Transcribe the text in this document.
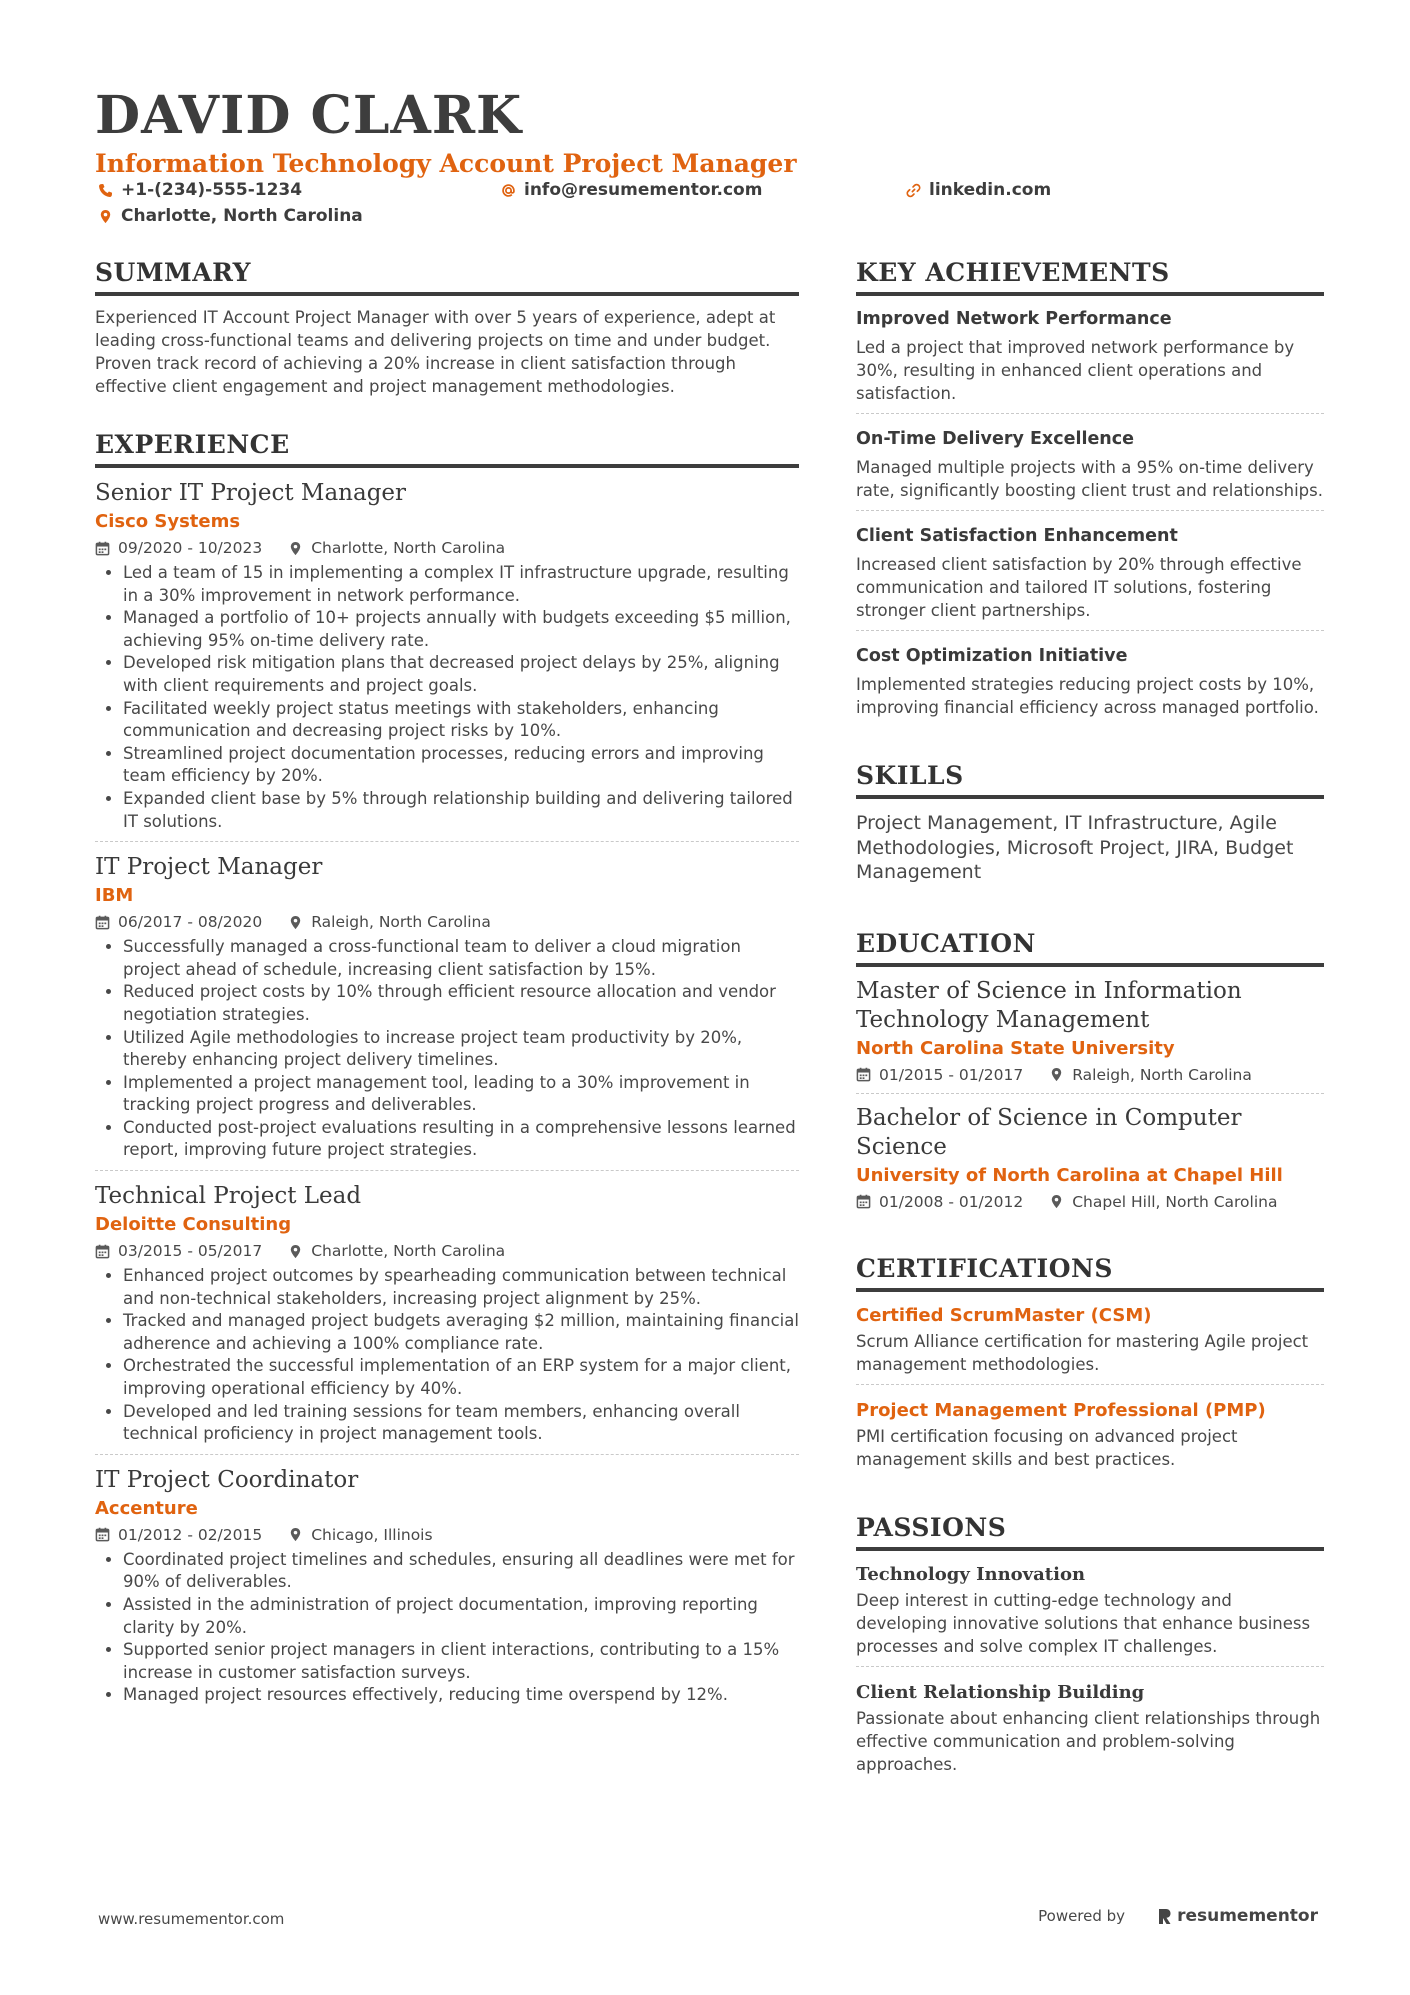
DAVID CLARK
Information Technology Account Project Manager
+1-(234)-555-1234	info@resumementor.com	linkedin.com
Charlotte, North Carolina
SUMMARY

Experienced IT Account Project Manager with over 5 years of experience, adept at leading cross-functional teams and delivering projects on time and under budget. Proven track record of achieving a 20% increase in client satisfaction through effective client engagement and project management methodologies.

EXPERIENCE
Senior IT Project Manager
Cisco Systems
09/2020 - 10/2023	Charlotte, North Carolina
• Led a team of 15 in implementing a complex IT infrastructure upgrade, resulting in a 30% improvement in network performance.
• Managed a portfolio of 10+ projects annually with budgets exceeding $5 million, achieving 95% on-time delivery rate.
• Developed risk mitigation plans that decreased project delays by 25%, aligning with client requirements and project goals.
• Facilitated weekly project status meetings with stakeholders, enhancing communication and decreasing project risks by 10%.
• Streamlined project documentation processes, reducing errors and improving team efficiency by 20%.
• Expanded client base by 5% through relationship building and delivering tailored IT solutions.
IT Project Manager
IBM
06/2017 - 08/2020	Raleigh, North Carolina
• Successfully managed a cross-functional team to deliver a cloud migration project ahead of schedule, increasing client satisfaction by 15%.
• Reduced project costs by 10% through efficient resource allocation and vendor negotiation strategies.
• Utilized Agile methodologies to increase project team productivity by 20%, thereby enhancing project delivery timelines.
• Implemented a project management tool, leading to a 30% improvement in tracking project progress and deliverables.
• Conducted post-project evaluations resulting in a comprehensive lessons learned report, improving future project strategies.
Technical Project Lead
Deloitte Consulting
03/2015 - 05/2017	Charlotte, North Carolina
• Enhanced project outcomes by spearheading communication between technical and non-technical stakeholders, increasing project alignment by 25%.
• Tracked and managed project budgets averaging $2 million, maintaining financial adherence and achieving a 100% compliance rate.
• Orchestrated the successful implementation of an ERP system for a major client, improving operational efficiency by 40%.
• Developed and led training sessions for team members, enhancing overall technical proficiency in project management tools.
IT Project Coordinator
Accenture
01/2012 - 02/2015	Chicago, Illinois
• Coordinated project timelines and schedules, ensuring all deadlines were met for 90% of deliverables.
• Assisted in the administration of project documentation, improving reporting clarity by 20%.
• Supported senior project managers in client interactions, contributing to a 15% increase in customer satisfaction surveys.
• Managed project resources effectively, reducing time overspend by 12%.
KEY ACHIEVEMENTS
Improved Network Performance

Led a project that improved network performance by 30%, resulting in enhanced client operations and satisfaction.

On-Time Delivery Excellence

Managed multiple projects with a 95% on-time delivery rate, significantly boosting client trust and relationships.

Client Satisfaction Enhancement

Increased client satisfaction by 20% through effective communication and tailored IT solutions, fostering stronger client partnerships.

Cost Optimization Initiative

Implemented strategies reducing project costs by 10%, improving financial efficiency across managed portfolio.

SKILLS

Project Management, IT Infrastructure, Agile Methodologies, Microsoft Project, JIRA, Budget Management

EDUCATION
Master of Science in Information Technology Management
North Carolina State University
01/2015 - 01/2017	Raleigh, North Carolina
Bachelor of Science in Computer Science
University of North Carolina at Chapel Hill
01/2008 - 01/2012	Chapel Hill, North Carolina
CERTIFICATIONS
Certified ScrumMaster (CSM)

Scrum Alliance certification for mastering Agile project management methodologies.

Project Management Professional (PMP)

PMI certification focusing on advanced project management skills and best practices.

PASSIONS
Technology Innovation

Deep interest in cutting-edge technology and developing innovative solutions that enhance business processes and solve complex IT challenges.

Client Relationship Building

Passionate about enhancing client relationships through effective communication and problem-solving approaches.

www.resumementor.com	Powered by	resumementor
